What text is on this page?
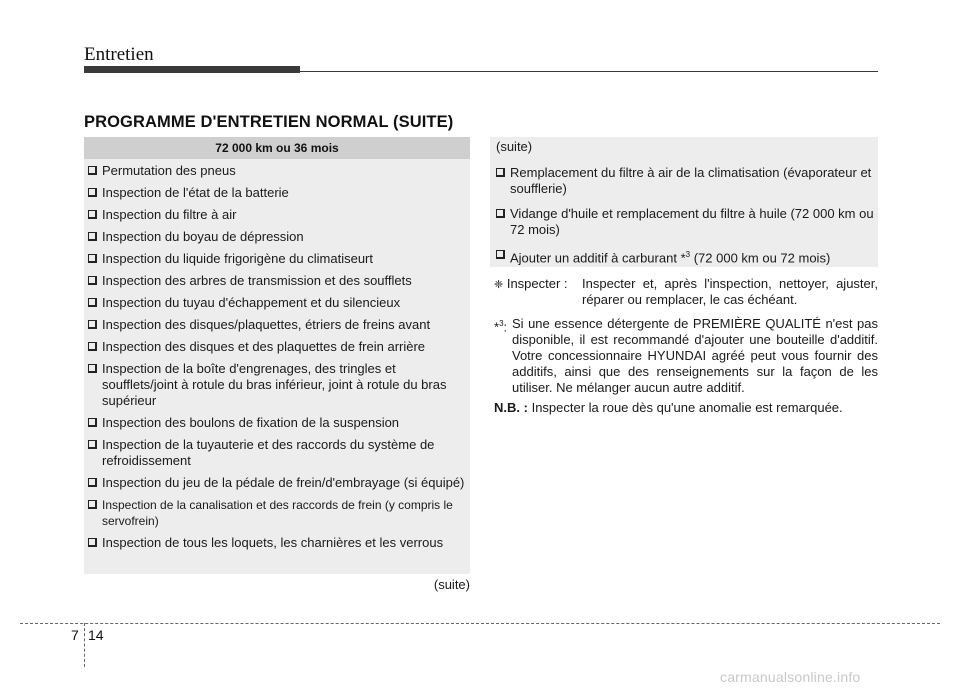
Entretien
PROGRAMME D'ENTRETIEN NORMAL (SUITE)
72 000 km ou 36 mois
Permutation des pneus
Inspection de l'état de la batterie
Inspection du filtre à air
Inspection du boyau de dépression
Inspection du liquide frigorigène du climatiseurt
Inspection des arbres de transmission et des soufflets
Inspection du tuyau d'échappement et du silencieux
Inspection des disques/plaquettes, étriers de freins avant
Inspection des disques et des plaquettes de frein arrière
Inspection de la boîte d'engrenages, des tringles et soufflets/joint à rotule du bras inférieur, joint à rotule du bras supérieur
Inspection des boulons de fixation de la suspension
Inspection de la tuyauterie et des raccords du système de refroidissement
Inspection du jeu de la pédale de frein/d'embrayage (si équipé)
Inspection de la canalisation et des raccords de frein (y compris le servofrein)
Inspection de tous les loquets, les charnières et les verrous
(suite)
(suite)
Remplacement du filtre à air de la climatisation (évaporateur et soufflerie)
Vidange d'huile et remplacement du filtre à huile (72 000 km ou 72 mois)
Ajouter un additif à carburant *$^3$ (72 000 km ou 72 mois)
❈ Inspecter : Inspecter et, après l'inspection, nettoyer, ajuster, réparer ou remplacer, le cas échéant.
*$^3$: Si une essence détergente de PREMIÈRE QUALITÉ n'est pas disponible, il est recommandé d'ajouter une bouteille d'additif. Votre concessionnaire HYUNDAI agréé peut vous fournir des additifs, ainsi que des renseignements sur la façon de les utiliser. Ne mélanger aucun autre additif.
N.B. : Inspecter la roue dès qu'une anomalie est remarquée.
7 14
carmanualsonline.info
